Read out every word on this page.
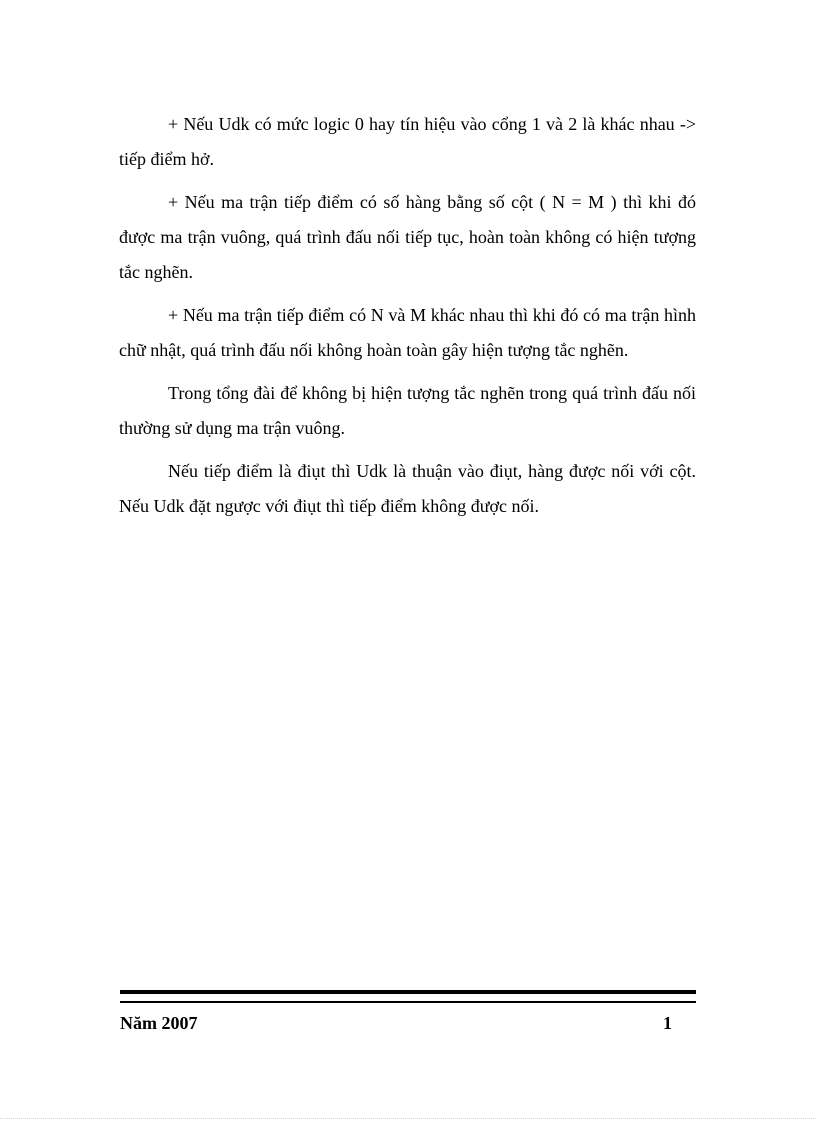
+ Nếu Udk có mức logic 0 hay tín hiệu vào cổng 1 và 2 là khác nhau -> tiếp điểm hở.

+ Nếu ma trận tiếp điểm có số hàng bằng số cột ( N = M ) thì khi đó được ma trận vuông, quá trình đấu nối tiếp tục, hoàn toàn không có hiện tượng tắc nghẽn.

+ Nếu ma trận tiếp điểm có N và M khác nhau thì khi đó có ma trận hình chữ nhật, quá trình đấu nối không hoàn toàn gây hiện tượng tắc nghẽn.

Trong tổng đài để không bị hiện tượng tắc nghẽn trong quá trình đấu nối thường sử dụng ma trận vuông.

Nếu tiếp điểm là điụt thì Udk là thuận vào điụt, hàng được nối với cột. Nếu Udk đặt ngược với điụt thì tiếp điểm không được nối.

Năm 2007	1
